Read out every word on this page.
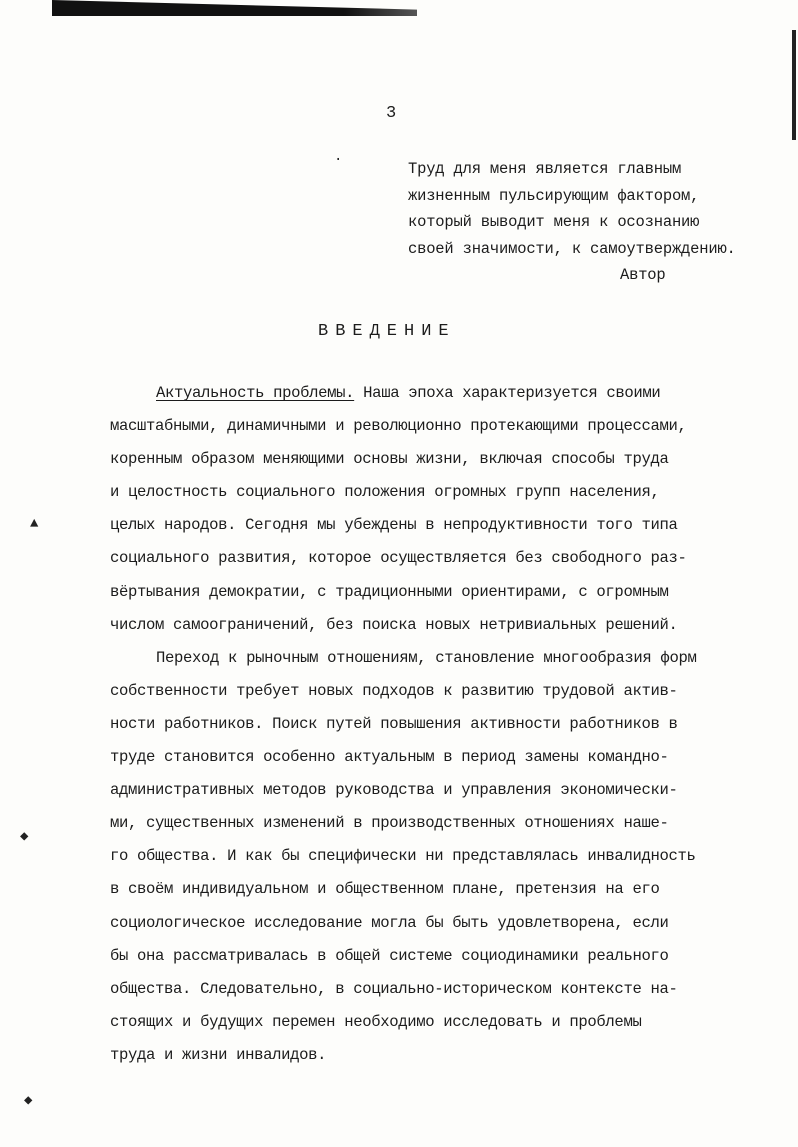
·
▲
◆
◆
3
Труд для меня является главным
жизненным пульсирующим фактором,
который выводит меня к осознанию
своей значимости, к самоутверждению.
Автор
ВВЕДЕНИЕ
Актуальность проблемы. Наша эпоха характеризуется своими
масштабными, динамичными и революционно протекающими процессами,
коренным образом меняющими основы жизни, включая способы труда
и целостность социального положения огромных групп населения,
целых народов. Сегодня мы убеждены в непродуктивности того типа
социального развития, которое осуществляется без свободного раз-
вёртывания демократии, с традиционными ориентирами, с огромным
числом самоограничений, без поиска новых нетривиальных решений.
Переход к рыночным отношениям, становление многообразия форм
собственности требует новых подходов к развитию трудовой актив-
ности работников. Поиск путей повышения активности работников в
труде становится особенно актуальным в период замены командно-
административных методов руководства и управления экономически-
ми, существенных изменений в производственных отношениях наше-
го общества. И как бы специфически ни представлялась инвалидность
в своём индивидуальном и общественном плане, претензия на его
социологическое исследование могла бы быть удовлетворена, если
бы она рассматривалась в общей системе социодинамики реального
общества. Следовательно, в социально-историческом контексте на-
стоящих и будущих перемен необходимо исследовать и проблемы
труда и жизни инвалидов.
